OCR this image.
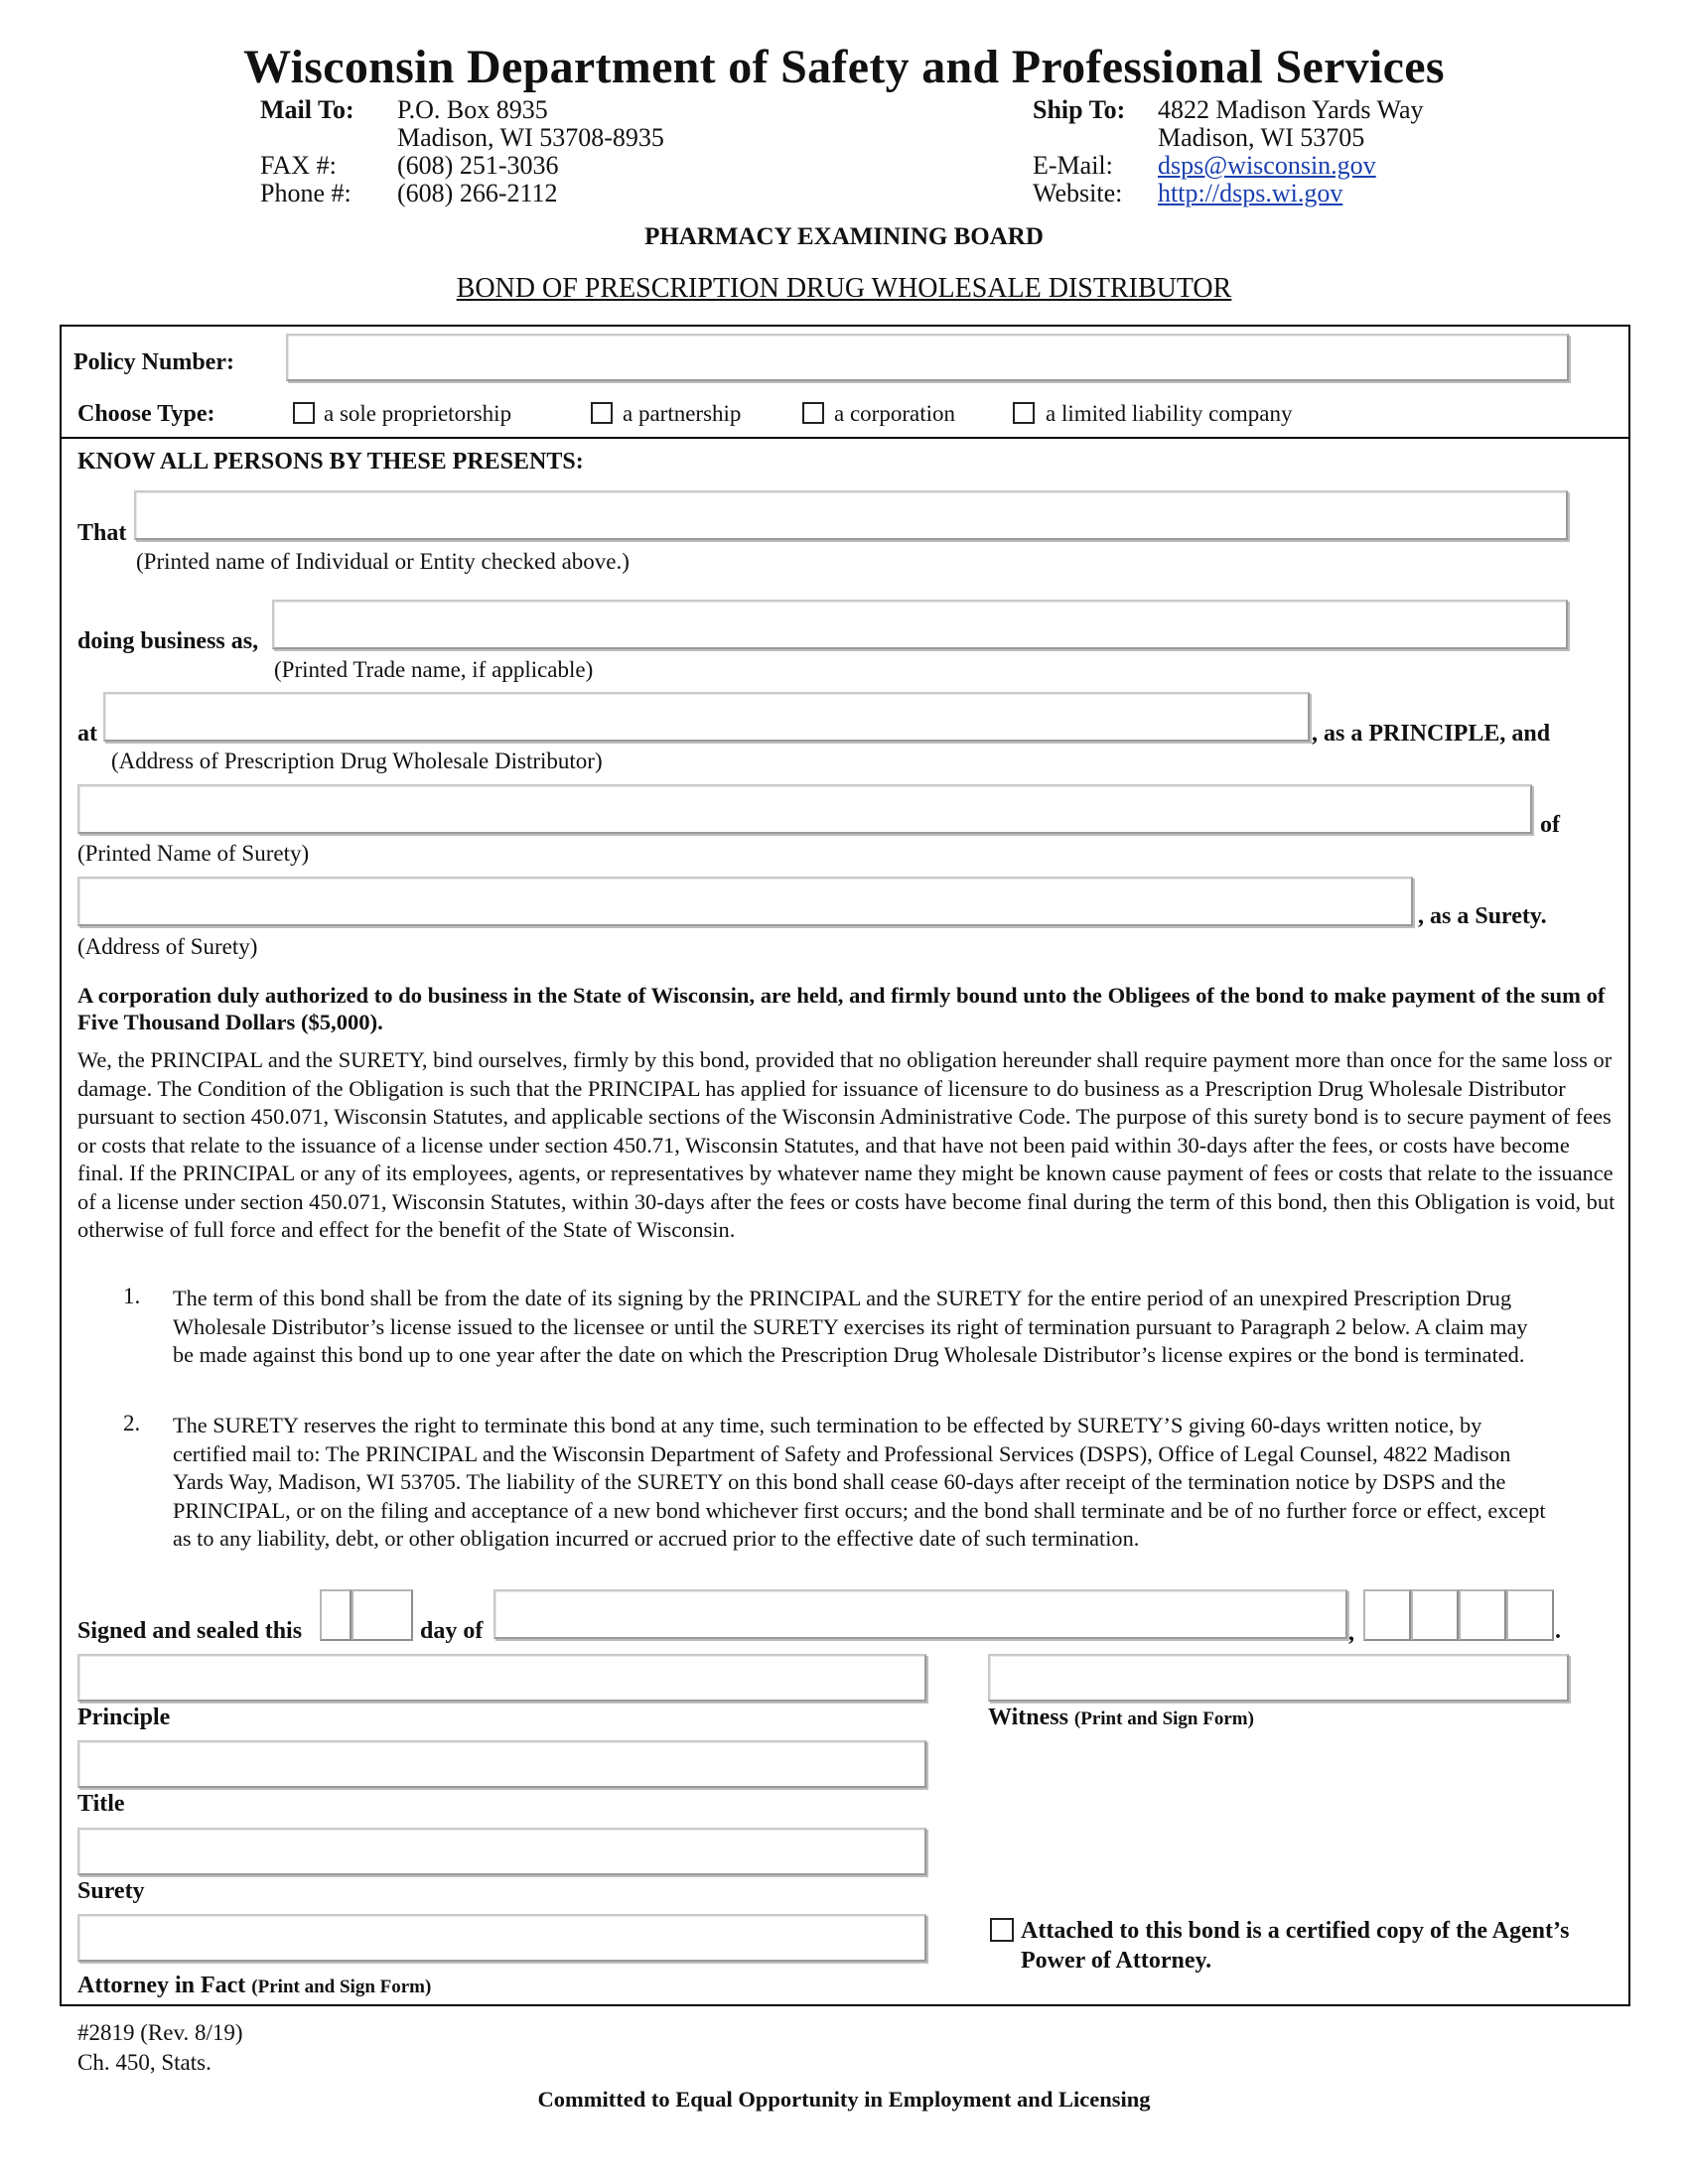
Wisconsin Department of Safety and Professional Services
Mail To: P.O. Box 8935
Madison, WI 53708-8935
FAX #: (608) 251-3036
Phone #: (608) 266-2112
Ship To: 4822 Madison Yards Way
Madison, WI 53705
E-Mail: dsps@wisconsin.gov
Website: http://dsps.wi.gov
PHARMACY EXAMINING BOARD
BOND OF PRESCRIPTION DRUG WHOLESALE DISTRIBUTOR
Policy Number:
Choose Type:	a sole proprietorship	a partnership	a corporation	a limited liability company
KNOW ALL PERSONS BY THESE PRESENTS:
That
(Printed name of Individual or Entity checked above.)
doing business as,
(Printed Trade name, if applicable)
at	, as a PRINCIPLE, and
(Address of Prescription Drug Wholesale Distributor)
of
(Printed Name of Surety)
, as a Surety.
(Address of Surety)
A corporation duly authorized to do business in the State of Wisconsin, are held, and firmly bound unto the Obligees of the bond to make payment of the sum of Five Thousand Dollars ($5,000).
We, the PRINCIPAL and the SURETY, bind ourselves, firmly by this bond, provided that no obligation hereunder shall require payment more than once for the same loss or damage. The Condition of the Obligation is such that the PRINCIPAL has applied for issuance of licensure to do business as a Prescription Drug Wholesale Distributor pursuant to section 450.071, Wisconsin Statutes, and applicable sections of the Wisconsin Administrative Code. The purpose of this surety bond is to secure payment of fees or costs that relate to the issuance of a license under section 450.71, Wisconsin Statutes, and that have not been paid within 30-days after the fees, or costs have become final. If the PRINCIPAL or any of its employees, agents, or representatives by whatever name they might be known cause payment of fees or costs that relate to the issuance of a license under section 450.071, Wisconsin Statutes, within 30-days after the fees or costs have become final during the term of this bond, then this Obligation is void, but otherwise of full force and effect for the benefit of the State of Wisconsin.
1. The term of this bond shall be from the date of its signing by the PRINCIPAL and the SURETY for the entire period of an unexpired Prescription Drug Wholesale Distributor’s license issued to the licensee or until the SURETY exercises its right of termination pursuant to Paragraph 2 below. A claim may be made against this bond up to one year after the date on which the Prescription Drug Wholesale Distributor’s license expires or the bond is terminated.
2. The SURETY reserves the right to terminate this bond at any time, such termination to be effected by SURETY’S giving 60-days written notice, by certified mail to: The PRINCIPAL and the Wisconsin Department of Safety and Professional Services (DSPS), Office of Legal Counsel, 4822 Madison Yards Way, Madison, WI 53705. The liability of the SURETY on this bond shall cease 60-days after receipt of the termination notice by DSPS and the PRINCIPAL, or on the filing and acceptance of a new bond whichever first occurs; and the bond shall terminate and be of no further force or effect, except as to any liability, debt, or other obligation incurred or accrued prior to the effective date of such termination.
Signed and sealed this	day of	,	.
Principle	Witness (Print and Sign Form)
Title
Surety
Attorney in Fact (Print and Sign Form)
Attached to this bond is a certified copy of the Agent’s Power of Attorney.
#2819 (Rev. 8/19)
Ch. 450, Stats.
Committed to Equal Opportunity in Employment and Licensing
